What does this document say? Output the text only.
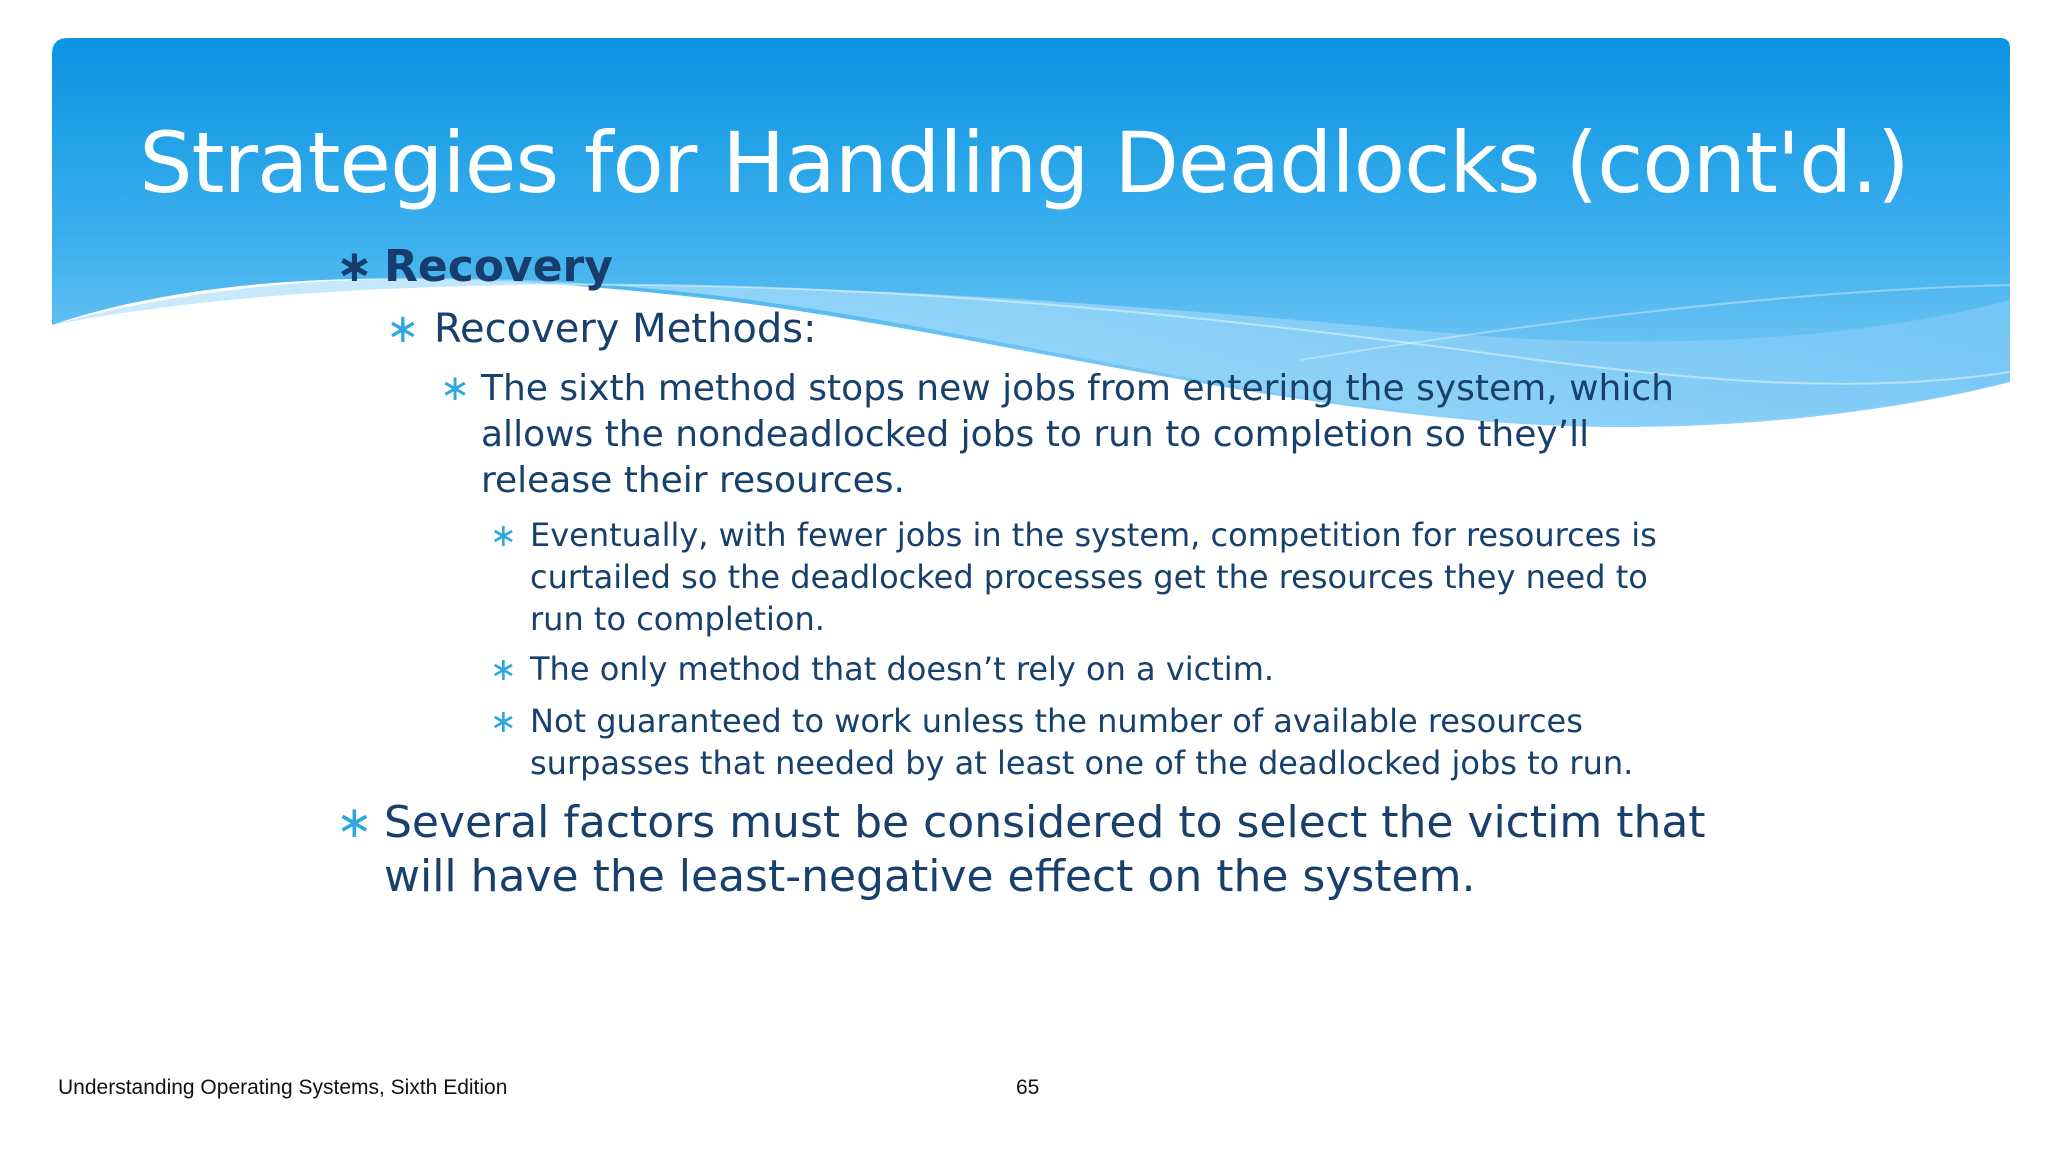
Strategies for Handling Deadlocks (cont'd.)
∗ Recovery

∗ Recovery Methods:

∗ The sixth method stops new jobs from entering the system, which
allows the nondeadlocked jobs to run to completion so they’ll
release their resources.

∗ Eventually, with fewer jobs in the system, competition for resources is
curtailed so the deadlocked processes get the resources they need to
run to completion.

∗ The only method that doesn’t rely on a victim.

∗ Not guaranteed to work unless the number of available resources
surpasses that needed by at least one of the deadlocked jobs to run.

∗ Several factors must be considered to select the victim that
will have the least-negative effect on the system.

Understanding Operating Systems, Sixth Edition	65
